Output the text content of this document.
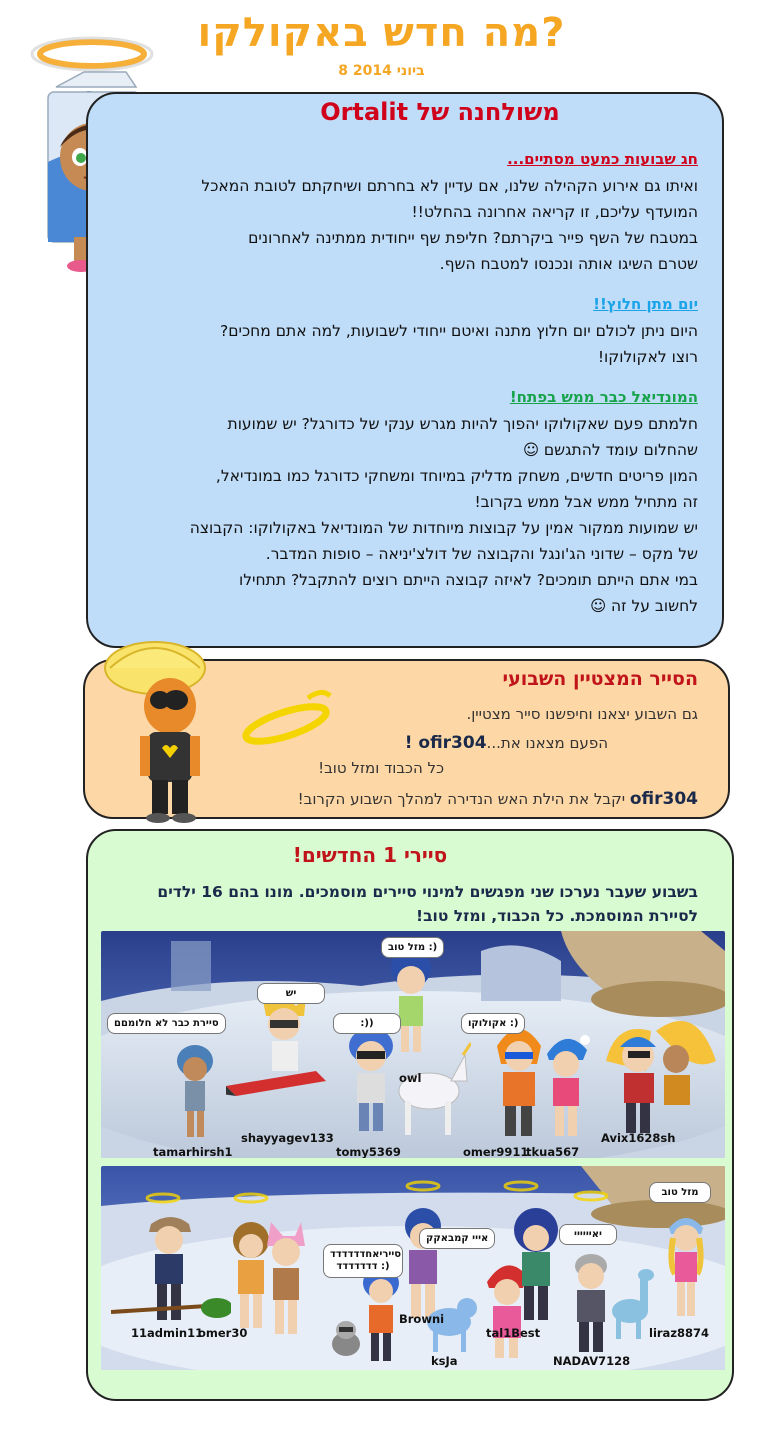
מה חדש באקולקו?
8 ביוני 2014
משולחנה של Ortalit
חג שבועות כמעט מסתיים...
ואיתו גם אירוע הקהילה שלנו, אם עדיין לא בחרתם ושיחקתם לטובת המאכל
המועדף עליכם, זו קריאה אחרונה בהחלט!!
במטבח של השף פייר ביקרתם? חליפת שף ייחודית ממתינה לאחרונים
שטרם השיגו אותה ונכנסו למטבח השף.
יום מתן חלוץ!!
היום ניתן לכולם יום חלוץ מתנה ואיטם ייחודי לשבועות, למה אתם מחכים?
רוצו לאקולוקו!
המונדיאל כבר ממש בפתח!
חלמתם פעם שאקולוקו יהפוך להיות מגרש ענקי של כדורגל? יש שמועות
שהחלום עומד להתגשם ☺
המון פריטים חדשים, משחק מדליק במיוחד ומשחקי כדורגל כמו במונדיאל,
זה מתחיל ממש אבל ממש בקרוב!
יש שמועות ממקור אמין על קבוצות מיוחדות של המונדיאל באקולוקו: הקבוצה
של מקס – שדוני הג'ונגל והקבוצה של דולצ'יניאה – סופות המדבר.
במי אתם הייתם תומכים? לאיזה קבוצה הייתם רוצים להתקבל? תתחילו
לחשוב על זה ☺
הסייר המצטיין השבועי
גם השבוע יצאנו וחיפשנו סייר מצטיין.
הפעם מצאנו את...ofir304 !
כל הכבוד ומזל טוב!
ofir304 יקבל את הילת האש הנדירה למהלך השבוע הקרוב!
סיירי 1 החדשים!
בשבוע שעבר נערכו שני מפגשים למינוי סיירים מוסמכים. מונו בהם 16 ילדים
לסיירת המוסמכת. כל הכבוד, ומזל טוב!
מזל טוב :)
יש
סיירת כבר לא חלומםם	:))	אקולוקו :)
tamarhirsh1
shayyagev133
tomy5369	omer9911
tkua567
Avix1628sh
owl
מזל טוב
אייי קמבאקק	יאיייייי
סייריאחדדדדדד דדדדדדד :)
11admin11
omer30
Browni
tal1Best
NADAV7128
liraz8874
ksJa
